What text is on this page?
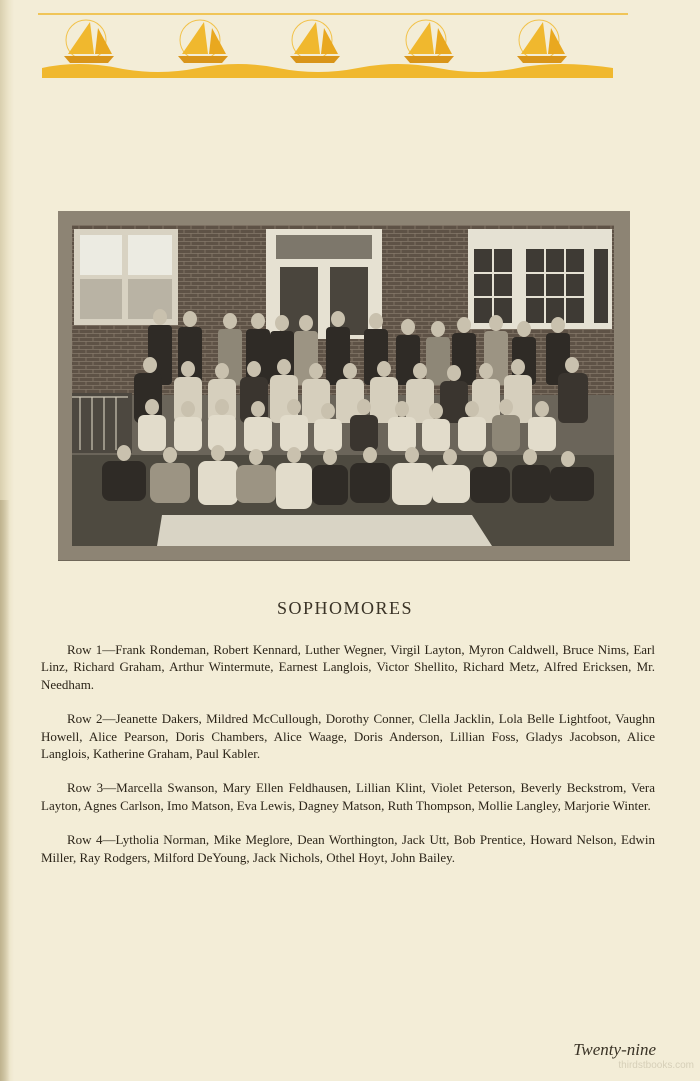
SOPHOMORES

Row 1—Frank Rondeman, Robert Kennard, Luther Wegner, Virgil Layton, Myron Caldwell, Bruce Nims, Earl Linz, Richard Graham, Arthur Wintermute, Earnest Langlois, Victor Shellito, Richard Metz, Alfred Ericksen, Mr. Needham.

Row 2—Jeanette Dakers, Mildred McCullough, Dorothy Conner, Clella Jacklin, Lola Belle Lightfoot, Vaughn Howell, Alice Pearson, Doris Chambers, Alice Waage, Doris Anderson, Lillian Foss, Gladys Jacobson, Alice Langlois, Katherine Graham, Paul Kabler.

Row 3—Marcella Swanson, Mary Ellen Feldhausen, Lillian Klint, Violet Peterson, Beverly Beckstrom, Vera Layton, Agnes Carlson, Imo Matson, Eva Lewis, Dagney Matson, Ruth Thompson, Mollie Langley, Marjorie Winter.

Row 4—Lytholia Norman, Mike Meglore, Dean Worthington, Jack Utt, Bob Prentice, Howard Nelson, Edwin Miller, Ray Rodgers, Milford DeYoung, Jack Nichols, Othel Hoyt, John Bailey.

Twenty-nine
thirdstbooks.com
